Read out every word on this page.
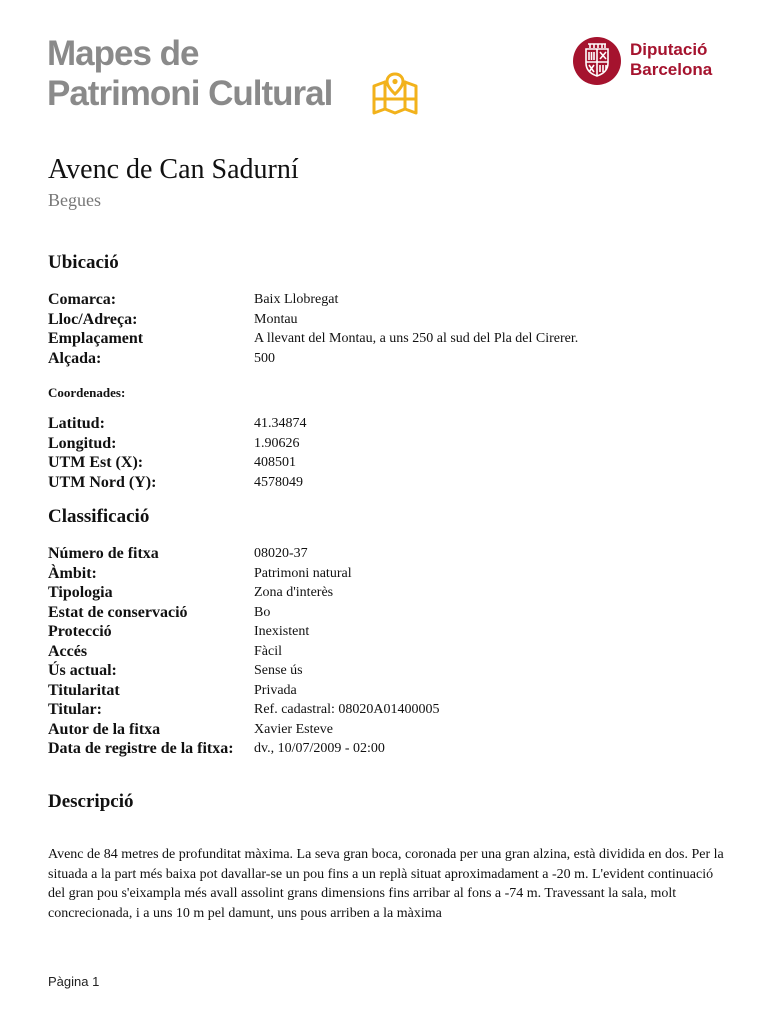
Mapes de
Patrimoni Cultural
Diputació
Barcelona
Avenc de Can Sadurní
Begues
Ubicació
Comarca:	Baix Llobregat
Lloc/Adreça:	Montau
Emplaçament	A llevant del Montau, a uns 250 al sud del Pla del Cirerer.
Alçada:	500
Coordenades:
Latitud:	41.34874
Longitud:	1.90626
UTM Est (X):	408501
UTM Nord (Y):	4578049
Classificació
Número de fitxa	08020-37
Àmbit:	Patrimoni natural
Tipologia	Zona d'interès
Estat de conservació	Bo
Protecció	Inexistent
Accés	Fàcil
Ús actual:	Sense ús
Titularitat	Privada
Titular:	Ref. cadastral: 08020A01400005
Autor de la fitxa	Xavier Esteve
Data de registre de la fitxa:	dv., 10/07/2009 - 02:00
Descripció

Avenc de 84 metres de profunditat màxima. La seva gran boca, coronada per una gran alzina, està dividida en dos. Per la situada a la part més baixa pot davallar-se un pou fins a un replà situat aproximadament a -20 m. L'evident continuació del gran pou s'eixampla més avall assolint grans dimensions fins arribar al fons a -74 m. Travessant la sala, molt concrecionada, i a uns 10 m pel damunt, uns pous arriben a la màxima

Pàgina 1
